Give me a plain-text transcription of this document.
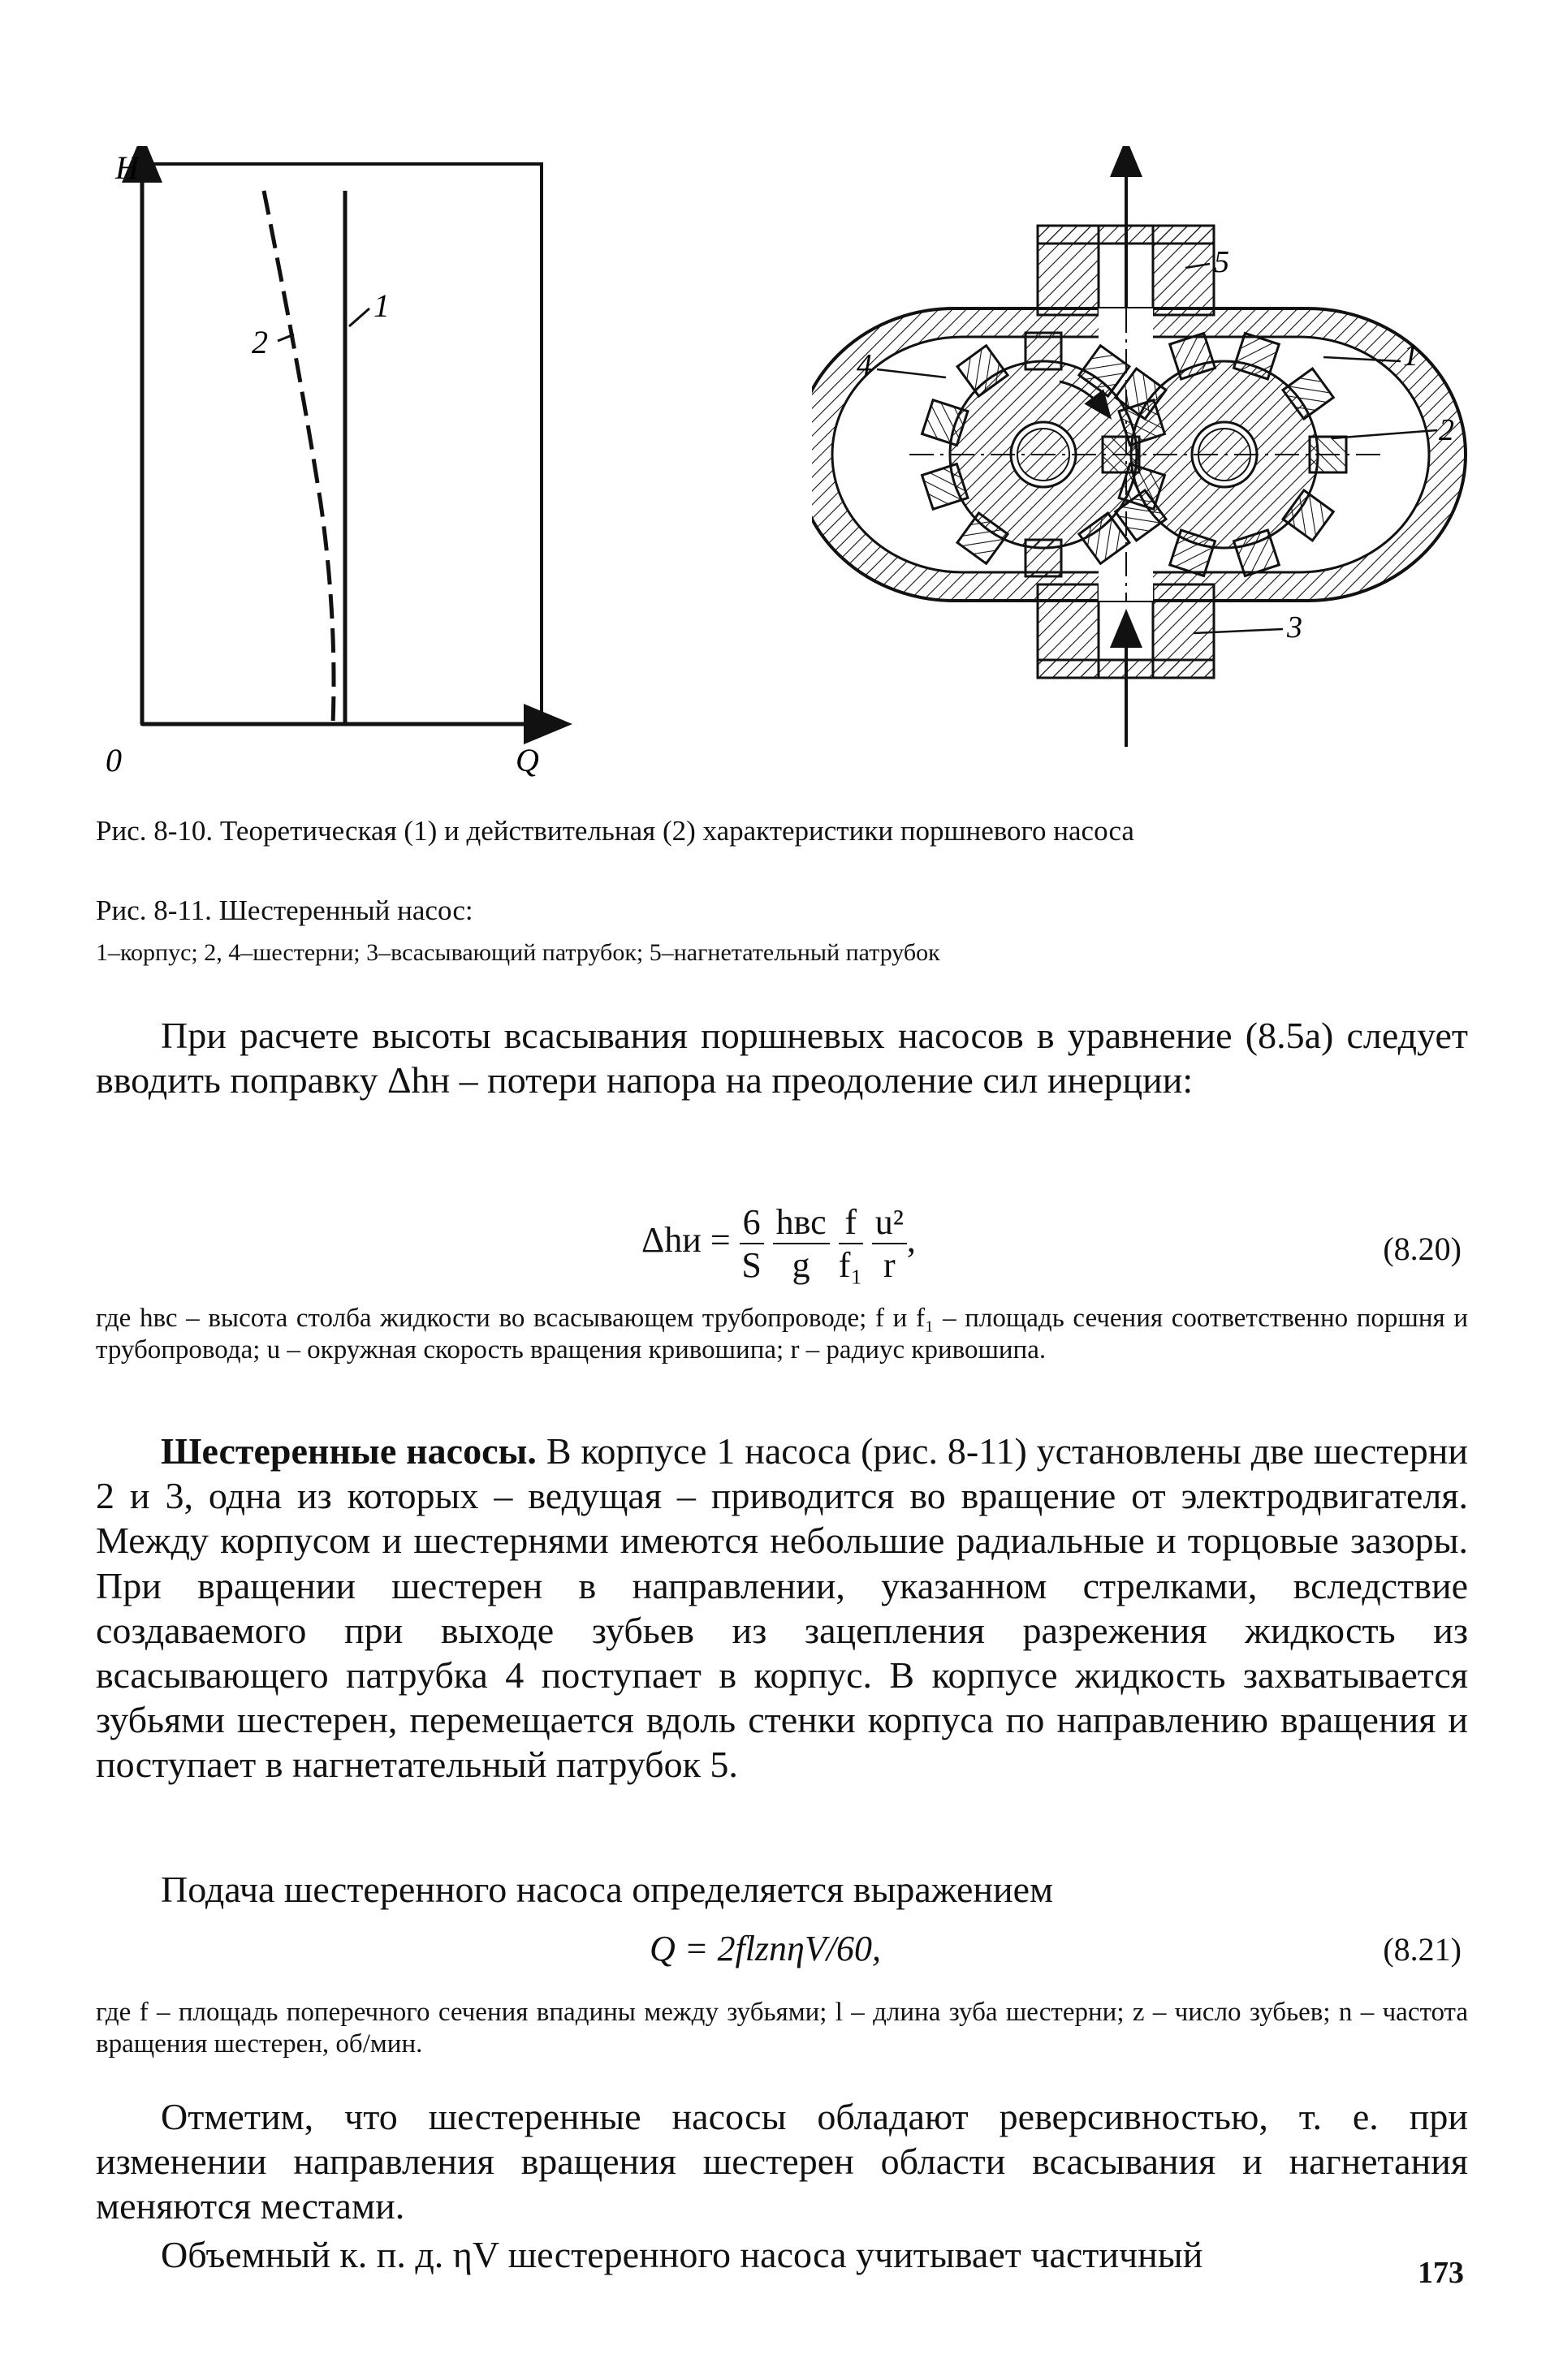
H
Q
0
1
2
5
1
2
3
4
Рис. 8-10. Теоретическая (1) и действительная (2) характеристики поршневого насоса
Рис. 8-11. Шестеренный насос:
1–корпус; 2, 4–шестерни; 3–всасывающий патрубок; 5–нагнетательный патрубок

При расчете высоты всасывания поршневых насосов в уравнение (8.5а) следует вводить поправку Δhн – потери напора на преодоление сил инерции:

$\Delta hи = \frac{6}{S}$
$\frac{\text{hвс}}{g}$
$\frac{f}{\text{f₁}}$
$\frac{\text{u²}}{r}$ ,	(8.20)

где hвс – высота столба жидкости во всасывающем трубопроводе; f и f₁ – площадь сечения соответственно поршня и трубопровода; u – окружная скорость вращения кривошипа; r – радиус кривошипа.

Шестеренные насосы. В корпусе 1 насоса (рис. 8-11) установлены две шестерни 2 и 3, одна из которых – ведущая – приводится во вращение от электродвигателя. Между корпусом и шестернями имеются небольшие радиальные и торцовые зазоры. При вращении шестерен в направлении, указанном стрелками, вследствие создаваемого при выходе зубьев из зацепления разрежения жидкость из всасывающего патрубка 4 поступает в корпус. В корпусе жидкость захватывается зубьями шестерен, перемещается вдоль стенки корпуса по направлению вращения и поступает в нагнетательный патрубок 5.

Подача шестеренного насоса определяется выражением

Q = 2flznηV/60,	(8.21)

где f – площадь поперечного сечения впадины между зубьями; l – длина зуба шестерни; z – число зубьев; n – частота вращения шестерен, об/мин.

Отметим, что шестеренные насосы обладают реверсивностью, т. е. при изменении направления вращения шестерен области всасывания и нагнетания меняются местами.

Объемный к. п. д. ηV шестеренного насоса учитывает частичный	173
